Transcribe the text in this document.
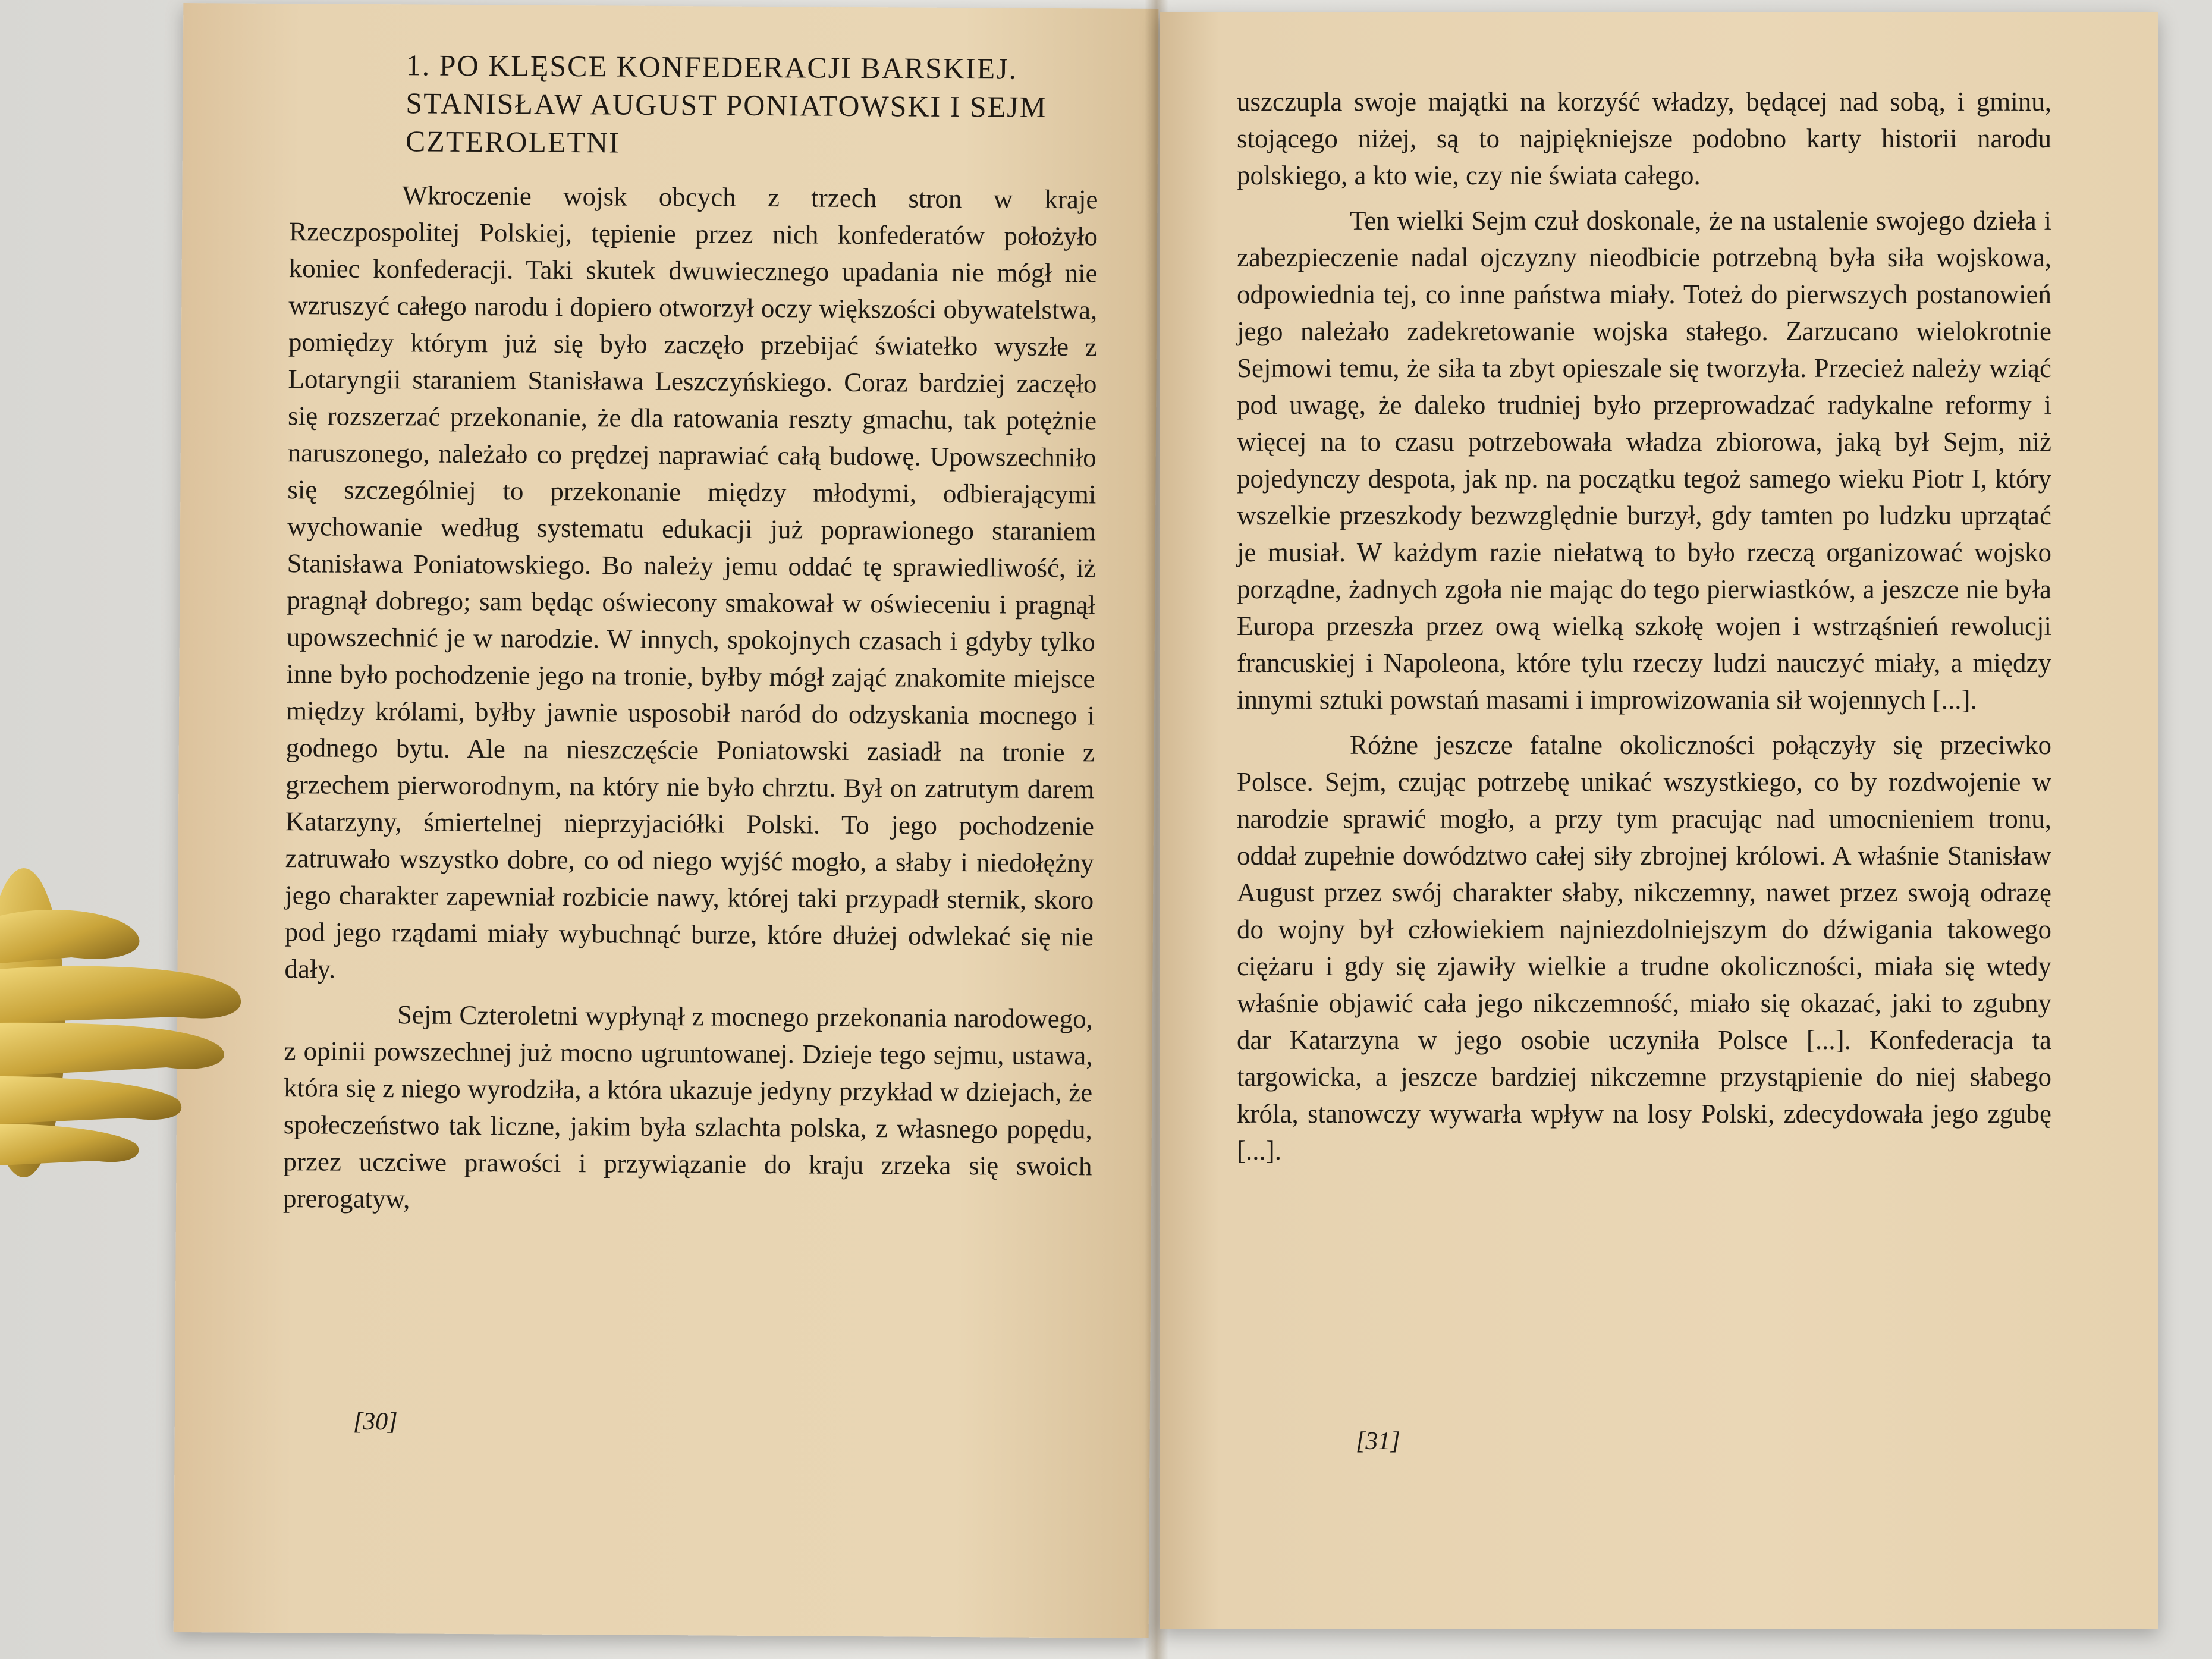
1. PO KLĘSCE KONFEDERACJI BARSKIEJ. STANISŁAW AUGUST PONIATOWSKI I SEJM CZTEROLETNI

Wkroczenie wojsk obcych z trzech stron w kraje Rzeczpospolitej Polskiej, tępienie przez nich konfederatów położyło koniec konfederacji. Taki skutek dwuwiecznego upadania nie mógł nie wzruszyć całego narodu i dopiero otworzył oczy większości obywatelstwa, pomiędzy którym już się było zaczęło przebijać światełko wyszłe z Lotaryngii staraniem Stanisława Leszczyńskiego. Coraz bardziej zaczęło się rozszerzać przekonanie, że dla ratowania reszty gmachu, tak potężnie naruszonego, należało co prędzej naprawiać całą budowę. Upowszechniło się szczególniej to przekonanie między młodymi, odbierającymi wychowanie według systematu edukacji już poprawionego staraniem Stanisława Poniatowskiego. Bo należy jemu oddać tę sprawiedliwość, iż pragnął dobrego; sam będąc oświecony smakował w oświeceniu i pragnął upowszechnić je w narodzie. W innych, spokojnych czasach i gdyby tylko inne było pochodzenie jego na tronie, byłby mógł zająć znakomite miejsce między królami, byłby jawnie usposobił naród do odzyskania mocnego i godnego bytu. Ale na nieszczęście Poniatowski zasiadł na tronie z grzechem pierworodnym, na który nie było chrztu. Był on zatrutym darem Katarzyny, śmiertelnej nieprzyjaciółki Polski. To jego pochodzenie zatruwało wszystko dobre, co od niego wyjść mogło, a słaby i niedołężny jego charakter zapewniał rozbicie nawy, której taki przypadł sternik, skoro pod jego rządami miały wybuchnąć burze, które dłużej odwlekać się nie dały.

Sejm Czteroletni wypłynął z mocnego przekonania narodowego, z opinii powszechnej już mocno ugruntowanej. Dzieje tego sejmu, ustawa, która się z niego wyrodziła, a która ukazuje jedyny przykład w dziejach, że społeczeństwo tak liczne, jakim była szlachta polska, z własnego popędu, przez uczciwe prawości i przywiązanie do kraju zrzeka się swoich prerogatyw,

[30]

uszczupla swoje majątki na korzyść władzy, będącej nad sobą, i gminu, stojącego niżej, są to najpiękniejsze podobno karty historii narodu polskiego, a kto wie, czy nie świata całego.

Ten wielki Sejm czuł doskonale, że na ustalenie swojego dzieła i zabezpieczenie nadal ojczyzny nieodbicie potrzebną była siła wojskowa, odpowiednia tej, co inne państwa miały. Toteż do pierwszych postanowień jego należało zadekretowanie wojska stałego. Zarzucano wielokrotnie Sejmowi temu, że siła ta zbyt opieszale się tworzyła. Przecież należy wziąć pod uwagę, że daleko trudniej było przeprowadzać radykalne reformy i więcej na to czasu potrzebowała władza zbiorowa, jaką był Sejm, niż pojedynczy despota, jak np. na początku tegoż samego wieku Piotr I, który wszelkie przeszkody bezwzględnie burzył, gdy tamten po ludzku uprzątać je musiał. W każdym razie niełatwą to było rzeczą organizować wojsko porządne, żadnych zgoła nie mając do tego pierwiastków, a jeszcze nie była Europa przeszła przez ową wielką szkołę wojen i wstrząśnień rewolucji francuskiej i Napoleona, które tylu rzeczy ludzi nauczyć miały, a między innymi sztuki powstań masami i improwizowania sił wojennych [...].

Różne jeszcze fatalne okoliczności połączyły się przeciwko Polsce. Sejm, czując potrzebę unikać wszystkiego, co by rozdwojenie w narodzie sprawić mogło, a przy tym pracując nad umocnieniem tronu, oddał zupełnie dowództwo całej siły zbrojnej królowi. A właśnie Stanisław August przez swój charakter słaby, nikczemny, nawet przez swoją odrazę do wojny był człowiekiem najniezdolniejszym do dźwigania takowego ciężaru i gdy się zjawiły wielkie a trudne okoliczności, miała się wtedy właśnie objawić cała jego nikczemność, miało się okazać, jaki to zgubny dar Katarzyna w jego osobie uczyniła Polsce [...]. Konfederacja ta targowicka, a jeszcze bardziej nikczemne przystąpienie do niej słabego króla, stanowczy wywarła wpływ na losy Polski, zdecydowała jego zgubę [...].

[31]
